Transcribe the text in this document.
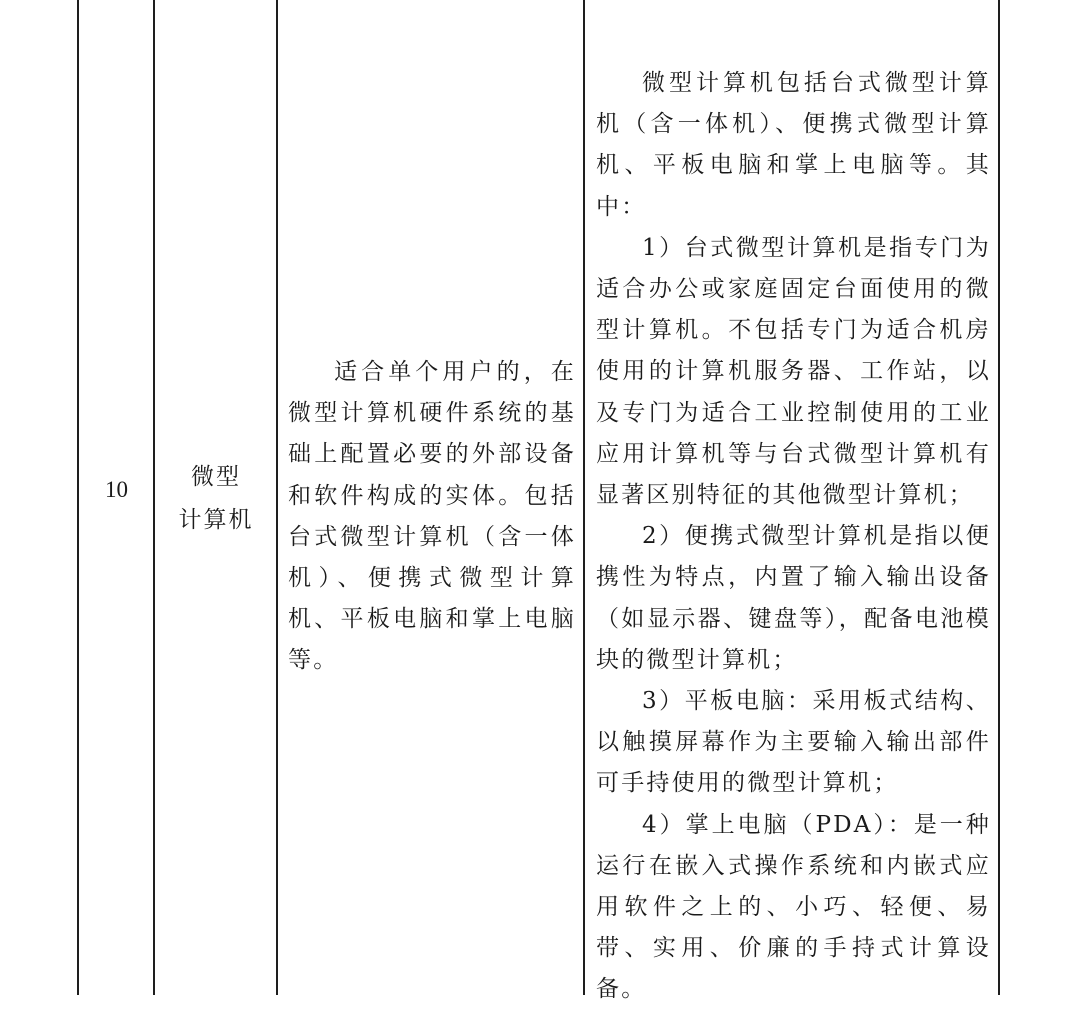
10	微型
计算机

适合单个用户的，在微型计算机硬件系统的基础上配置必要的外部设备和软件构成的实体。包括台式微型计算机（含一体机）、便携式微型计算机、平板电脑和掌上电脑等。

微型计算机包括台式微型计算机（含一体机）、便携式微型计算机、平板电脑和掌上电脑等。其中：

1）台式微型计算机是指专门为适合办公或家庭固定台面使用的微型计算机。不包括专门为适合机房使用的计算机服务器、工作站，以及专门为适合工业控制使用的工业应用计算机等与台式微型计算机有显著区别特征的其他微型计算机；

2）便携式微型计算机是指以便携性为特点，内置了输入输出设备（如显示器、键盘等），配备电池模块的微型计算机；

3）平板电脑：采用板式结构、以触摸屏幕作为主要输入输出部件可手持使用的微型计算机；

4）掌上电脑（PDA）：是一种运行在嵌入式操作系统和内嵌式应用软件之上的、小巧、轻便、易带、实用、价廉的手持式计算设备。
